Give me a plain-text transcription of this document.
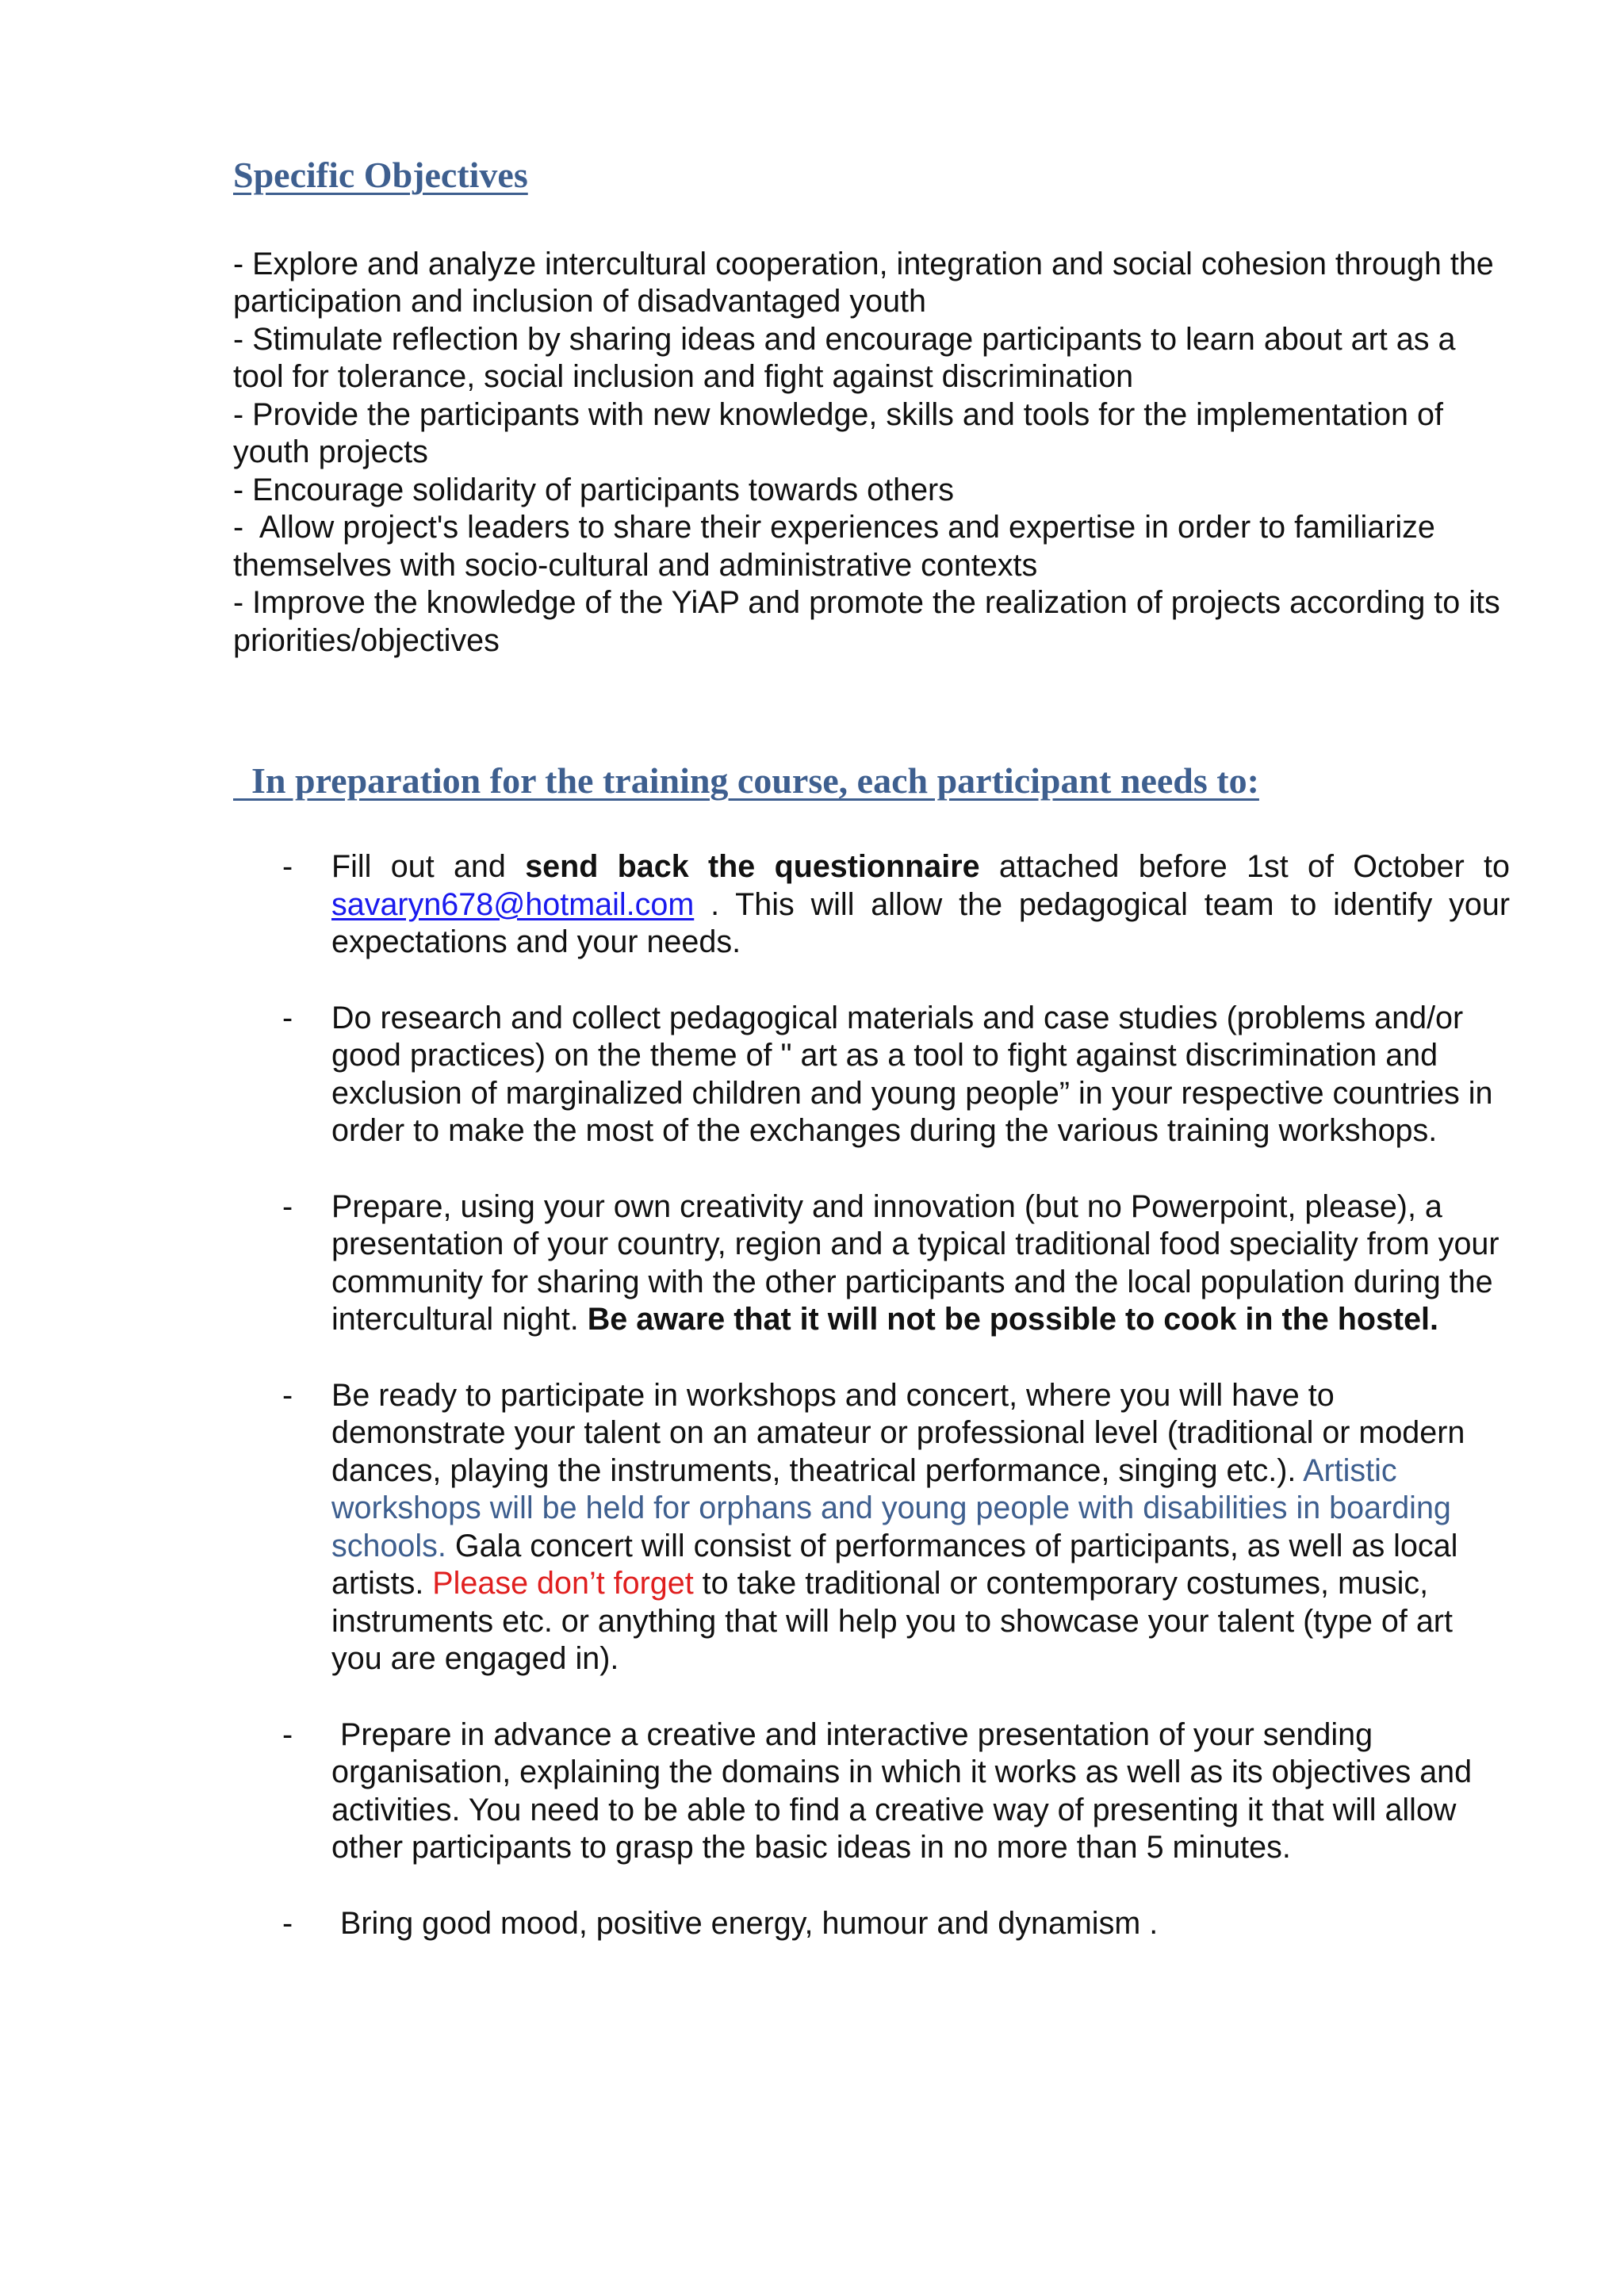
Specific Objectives

- Explore and analyze intercultural cooperation, integration and social cohesion through the participation and inclusion of disadvantaged youth

- Stimulate reflection by sharing ideas and encourage participants to learn about art as a tool for tolerance, social inclusion and fight against discrimination

- Provide the participants with new knowledge, skills and tools for the implementation of youth projects

- Encourage solidarity of participants towards others

-  Allow project's leaders to share their experiences and expertise in order to familiarize themselves with socio-cultural and administrative contexts

- Improve the knowledge of the YiAP and promote the realization of projects according to its priorities/objectives

In preparation for the training course, each participant needs to:
- Fill out and send back the questionnaire attached before 1st of October to savaryn678@hotmail.com . This will allow the pedagogical team to identify your expectations and your needs.

- Do research and collect pedagogical materials and case studies (problems and/or good practices) on the theme of " art as a tool to fight against discrimination and exclusion of marginalized children and young people” in your respective countries in order to make the most of the exchanges during the various training workshops.

- Prepare, using your own creativity and innovation (but no Powerpoint, please), a presentation of your country, region and a typical traditional food speciality from your community for sharing with the other participants and the local population during the intercultural night. Be aware that it will not be possible to cook in the hostel.

- Be ready to participate in workshops and concert, where you will have to demonstrate your talent on an amateur or professional level (traditional or modern dances, playing the instruments, theatrical performance, singing etc.). Artistic workshops will be held for orphans and young people with disabilities in boarding schools. Gala concert will consist of performances of participants, as well as local artists. Please don’t forget to take traditional or contemporary costumes, music, instruments etc. or anything that will help you to showcase your talent (type of art you are engaged in).

- Prepare in advance a creative and interactive presentation of your sending organisation, explaining the domains in which it works as well as its objectives and activities. You need to be able to find a creative way of presenting it that will allow other participants to grasp the basic ideas in no more than 5 minutes.

- Bring good mood, positive energy, humour and dynamism .
